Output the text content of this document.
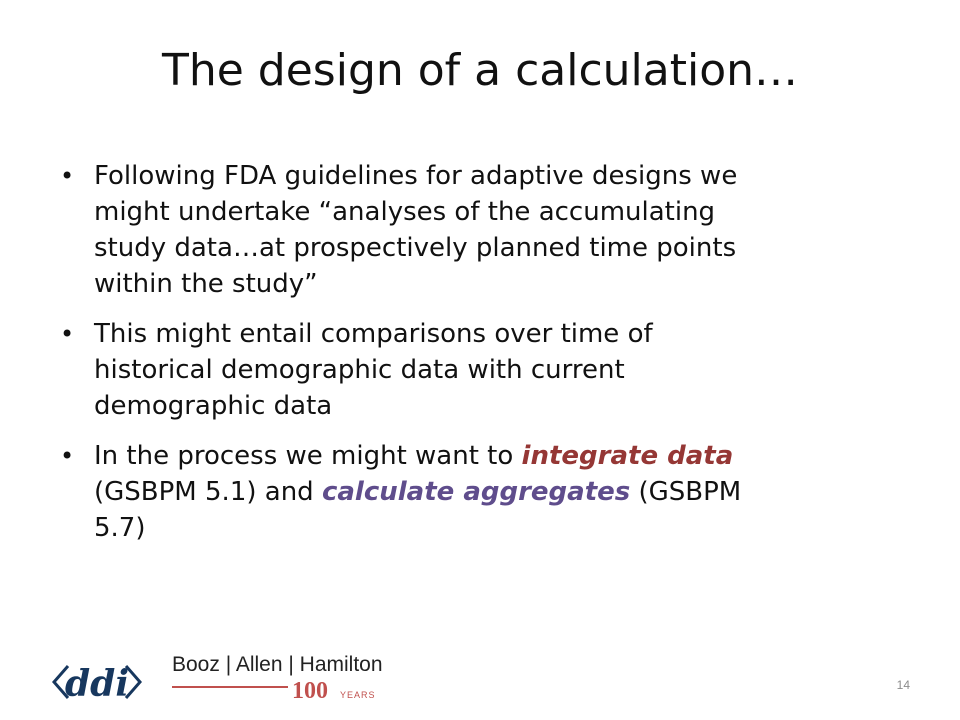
The design of a calculation…
• Following FDA guidelines for adaptive designs we
might undertake “analyses of the accumulating
study data…at prospectively planned time points
within the study”
• This might entail comparisons over time of
historical demographic data with current
demographic data
• In the process we might want to integrate data
(GSBPM 5.1) and calculate aggregates (GSBPM
5.7)
ddi Booz | Allen | Hamilton
100 YEARS
14
